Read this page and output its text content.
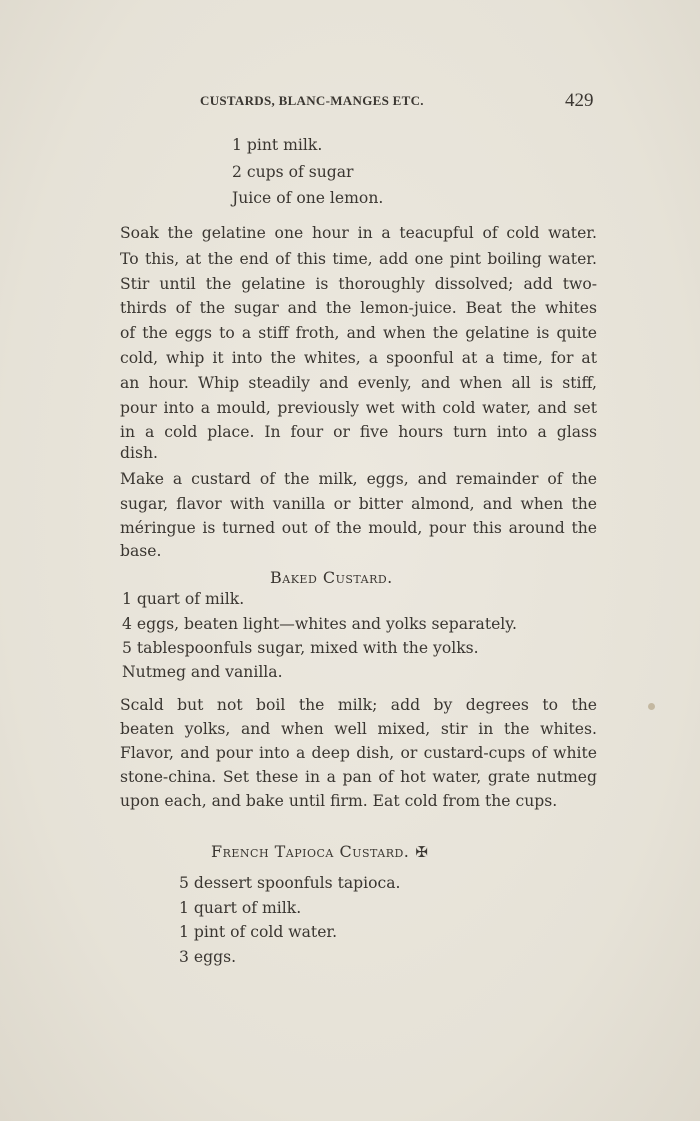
CUSTARDS, BLANC-MANGES ETC.	429
1 pint milk.
2 cups of sugar
Juice of one lemon.
Soak the gelatine one hour in a teacupful of cold water.
To this, at the end of this time, add one pint boiling water.
Stir until the gelatine is thoroughly dissolved; add two-
thirds of the sugar and the lemon-juice. Beat the whites
of the eggs to a stiff froth, and when the gelatine is quite
cold, whip it into the whites, a spoonful at a time, for at
an hour. Whip steadily and evenly, and when all is stiff,
pour into a mould, previously wet with cold water, and set
in a cold place. In four or five hours turn into a glass
dish.
Make a custard of the milk, eggs, and remainder of the
sugar, flavor with vanilla or bitter almond, and when the
méringue is turned out of the mould, pour this around the
base.
Baked Custard.
1 quart of milk.
4 eggs, beaten light—whites and yolks separately.
5 tablespoonfuls sugar, mixed with the yolks.
Nutmeg and vanilla.
Scald but not boil the milk; add by degrees to the
beaten yolks, and when well mixed, stir in the whites.
Flavor, and pour into a deep dish, or custard-cups of white
stone-china. Set these in a pan of hot water, grate nutmeg
upon each, and bake until firm. Eat cold from the cups.
French Tapioca Custard. ✠
5 dessert spoonfuls tapioca.
1 quart of milk.
1 pint of cold water.
3 eggs.
